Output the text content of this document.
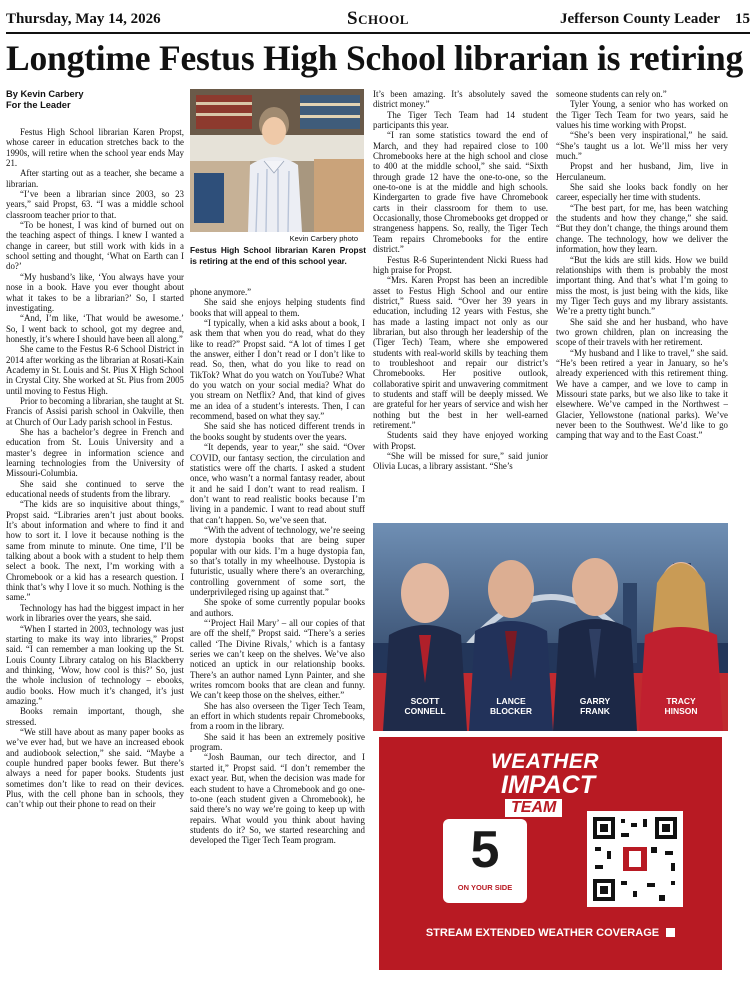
Thursday, May 14, 2026	School	Jefferson County Leader 15
Longtime Festus High School librarian is retiring
By Kevin Carbery
For the Leader

Festus High School librarian Karen Propst, whose career in education stretches back to the 1990s, will retire when the school year ends May 21.

After starting out as a teacher, she became a librarian.

“I’ve been a librarian since 2003, so 23 years,” said Propst, 63. “I was a middle school classroom teacher prior to that.

“To be honest, I was kind of burned out on the teaching aspect of things. I knew I wanted a change in career, but still work with kids in a school setting and thought, ‘What on Earth can I do?’

“My husband’s like, ‘You always have your nose in a book. Have you ever thought about what it takes to be a librarian?’ So, I started investigating.

“And, I’m like, ‘That would be awesome.’ So, I went back to school, got my degree and, honestly, it’s where I should have been all along.”

She came to the Festus R-6 School District in 2014 after working as the librarian at Rosati-Kain Academy in St. Louis and St. Pius X High School in Crystal City. She worked at St. Pius from 2005 until moving to Festus High.

Prior to becoming a librarian, she taught at St. Francis of Assisi parish school in Oakville, then at Church of Our Lady parish school in Festus.

She has a bachelor’s degree in French and education from St. Louis University and a master’s degree in information science and learning technologies from the University of Missouri-Columbia.

She said she continued to serve the educational needs of students from the library.

“The kids are so inquisitive about things,” Propst said. “Libraries aren’t just about books. It’s about information and where to find it and how to sort it. I love it because nothing is the same from minute to minute. One time, I’ll be talking about a book with a student to help them select a book. The next, I’m working with a Chromebook or a kid has a research question. I think that’s why I love it so much. Nothing is the same.”

Technology has had the biggest impact in her work in libraries over the years, she said.

“When I started in 2003, technology was just starting to make its way into libraries,” Propst said. “I can remember a man looking up the St. Louis County Library catalog on his Blackberry and thinking, ‘Wow, how cool is this?’ So, just the whole inclusion of technology – ebooks, audio books. How much it’s changed, it’s just amazing.”

Books remain important, though, she stressed.

“We still have about as many paper books as we’ve ever had, but we have an increased ebook and audiobook selection,” she said. “Maybe a couple hundred paper books fewer. But there’s always a need for paper books. Students just sometimes don’t like to read on their devices. Plus, with the cell phone ban in schools, they can’t whip out their phone to read on their

Kevin Carbery photo
Festus High School librarian Karen Propst is retiring at the end of this school year.

phone anymore.”

She said she enjoys helping students find books that will appeal to them.

“I typically, when a kid asks about a book, I ask them that when you do read, what do they like to read?” Propst said. “A lot of times I get the answer, either I don’t read or I don’t like to read. So, then, what do you like to read on TikTok? What do you watch on YouTube? What do you watch on your social media? What do you stream on Netflix? And, that kind of gives me an idea of a student’s interests. Then, I can recommend, based on what they say.”

She said she has noticed different trends in the books sought by students over the years.

“It depends, year to year,” she said. “Over COVID, our fantasy section, the circulation and statistics were off the charts. I asked a student once, who wasn’t a normal fantasy reader, about it and he said I don’t want to read realism. I don’t want to read realistic books because I’m living in a pandemic. I want to read about stuff that can’t happen. So, we’ve seen that.

“With the advent of technology, we’re seeing more dystopia books that are being super popular with our kids. I’m a huge dystopia fan, so that’s totally in my wheelhouse. Dystopia is futuristic, usually where there’s an overarching, controlling government of some sort, the underprivileged rising up against that.”

She spoke of some currently popular books and authors.

“‘Project Hail Mary’ – all our copies of that are off the shelf,” Propst said. “There’s a series called ‘The Divine Rivals,’ which is a fantasy series we can’t keep on the shelves. We’ve also noticed an uptick in our relationship books. There’s an author named Lynn Painter, and she writes romcom books that are clean and funny. We can’t keep those on the shelves, either.”

She has also overseen the Tiger Tech Team, an effort in which students repair Chromebooks, from a room in the library.

She said it has been an extremely positive program.

“Josh Bauman, our tech director, and I started it,” Propst said. “I don’t remember the exact year. But, when the decision was made for each student to have a Chromebook and go one-to-one (each student given a Chromebook), he said there’s no way we’re going to keep up with repairs. What would you think about having students do it? So, we started researching and developed the Tiger Tech Team program.

It’s been amazing. It’s absolutely saved the district money.”

The Tiger Tech Team had 14 student participants this year.

“I ran some statistics toward the end of March, and they had repaired close to 100 Chromebooks here at the high school and close to 400 at the middle school,” she said. “Sixth through grade 12 have the one-to-one, so the one-to-one is at the middle and high schools. Kindergarten to grade five have Chromebook carts in their classroom for them to use. Occasionally, those Chromebooks get dropped or strangeness happens. So, really, the Tiger Tech Team repairs Chromebooks for the entire district.”

Festus R-6 Superintendent Nicki Ruess had high praise for Propst.

“Mrs. Karen Propst has been an incredible asset to Festus High School and our entire district,” Ruess said. “Over her 39 years in education, including 12 years with Festus, she has made a lasting impact not only as our librarian, but also through her leadership of the (Tiger Tech) Team, where she empowered students with real-world skills by teaching them to troubleshoot and repair our district’s Chromebooks. Her positive outlook, collaborative spirit and unwavering commitment to students and staff will be deeply missed. We are grateful for her years of service and wish her nothing but the best in her well-earned retirement.”

Students said they have enjoyed working with Propst.

“She will be missed for sure,” said junior Olivia Lucas, a library assistant. “She’s

someone students can rely on.”

Tyler Young, a senior who has worked on the Tiger Tech Team for two years, said he values his time working with Propst.

“She’s been very inspirational,” he said. “She’s taught us a lot. We’ll miss her very much.”

Propst and her husband, Jim, live in Herculaneum.

She said she looks back fondly on her career, especially her time with students.

“The best part, for me, has been watching the students and how they change,” she said. “But they don’t change, the things around them change. The technology, how we deliver the information, how they learn.

“But the kids are still kids. How we build relationships with them is probably the most important thing. And that’s what I’m going to miss the most, is just being with the kids, like my Tiger Tech guys and my library assistants. We’re a pretty tight bunch.”

She said she and her husband, who have two grown children, plan on increasing the scope of their travels with her retirement.

“My husband and I like to travel,” she said. “He’s been retired a year in January, so he’s already experienced with this retirement thing. We have a camper, and we love to camp in Missouri state parks, but we also like to take it elsewhere. We’ve camped in the Northwest – Glacier, Yellowstone (national parks). We’ve never been to the Southwest. We’d like to go camping that way and to the East Coast.”

SCOTT
CONNELL
LANCE
BLOCKER
GARRY
FRANK
TRACY
HINSON
WEATHER
IMPACT
TEAM
5
ON YOUR SIDE
STREAM EXTENDED WEATHER COVERAGE
